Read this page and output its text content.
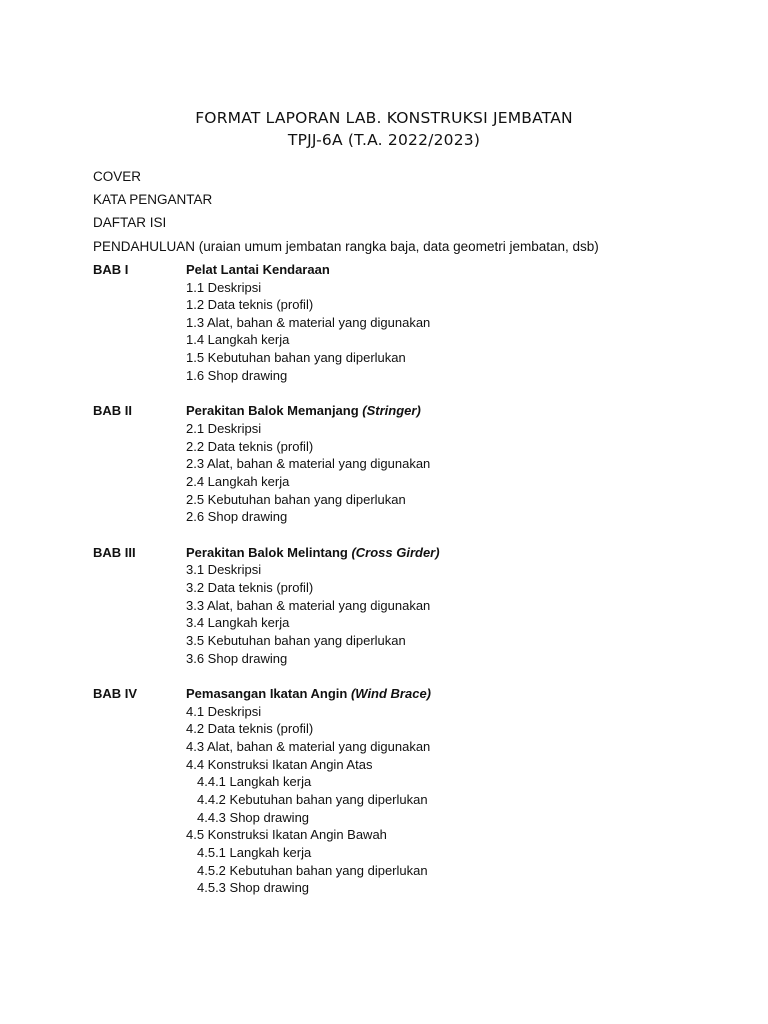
FORMAT LAPORAN LAB. KONSTRUKSI JEMBATAN
TPJJ-6A (T.A. 2022/2023)
COVER
KATA PENGANTAR
DAFTAR ISI
PENDAHULUAN (uraian umum jembatan rangka baja, data geometri jembatan, dsb)
BAB I	Pelat Lantai Kendaraan
1.1 Deskripsi
1.2 Data teknis (profil)
1.3 Alat, bahan & material yang digunakan
1.4 Langkah kerja
1.5 Kebutuhan bahan yang diperlukan
1.6 Shop drawing
BAB II	Perakitan Balok Memanjang (Stringer)
2.1 Deskripsi
2.2 Data teknis (profil)
2.3 Alat, bahan & material yang digunakan
2.4 Langkah kerja
2.5 Kebutuhan bahan yang diperlukan
2.6 Shop drawing
BAB III	Perakitan Balok Melintang (Cross Girder)
3.1 Deskripsi
3.2 Data teknis (profil)
3.3 Alat, bahan & material yang digunakan
3.4 Langkah kerja
3.5 Kebutuhan bahan yang diperlukan
3.6 Shop drawing
BAB IV	Pemasangan Ikatan Angin (Wind Brace)
4.1 Deskripsi
4.2 Data teknis (profil)
4.3 Alat, bahan & material yang digunakan
4.4 Konstruksi Ikatan Angin Atas
4.4.1 Langkah kerja
4.4.2 Kebutuhan bahan yang diperlukan
4.4.3 Shop drawing
4.5 Konstruksi Ikatan Angin Bawah
4.5.1 Langkah kerja
4.5.2 Kebutuhan bahan yang diperlukan
4.5.3 Shop drawing
